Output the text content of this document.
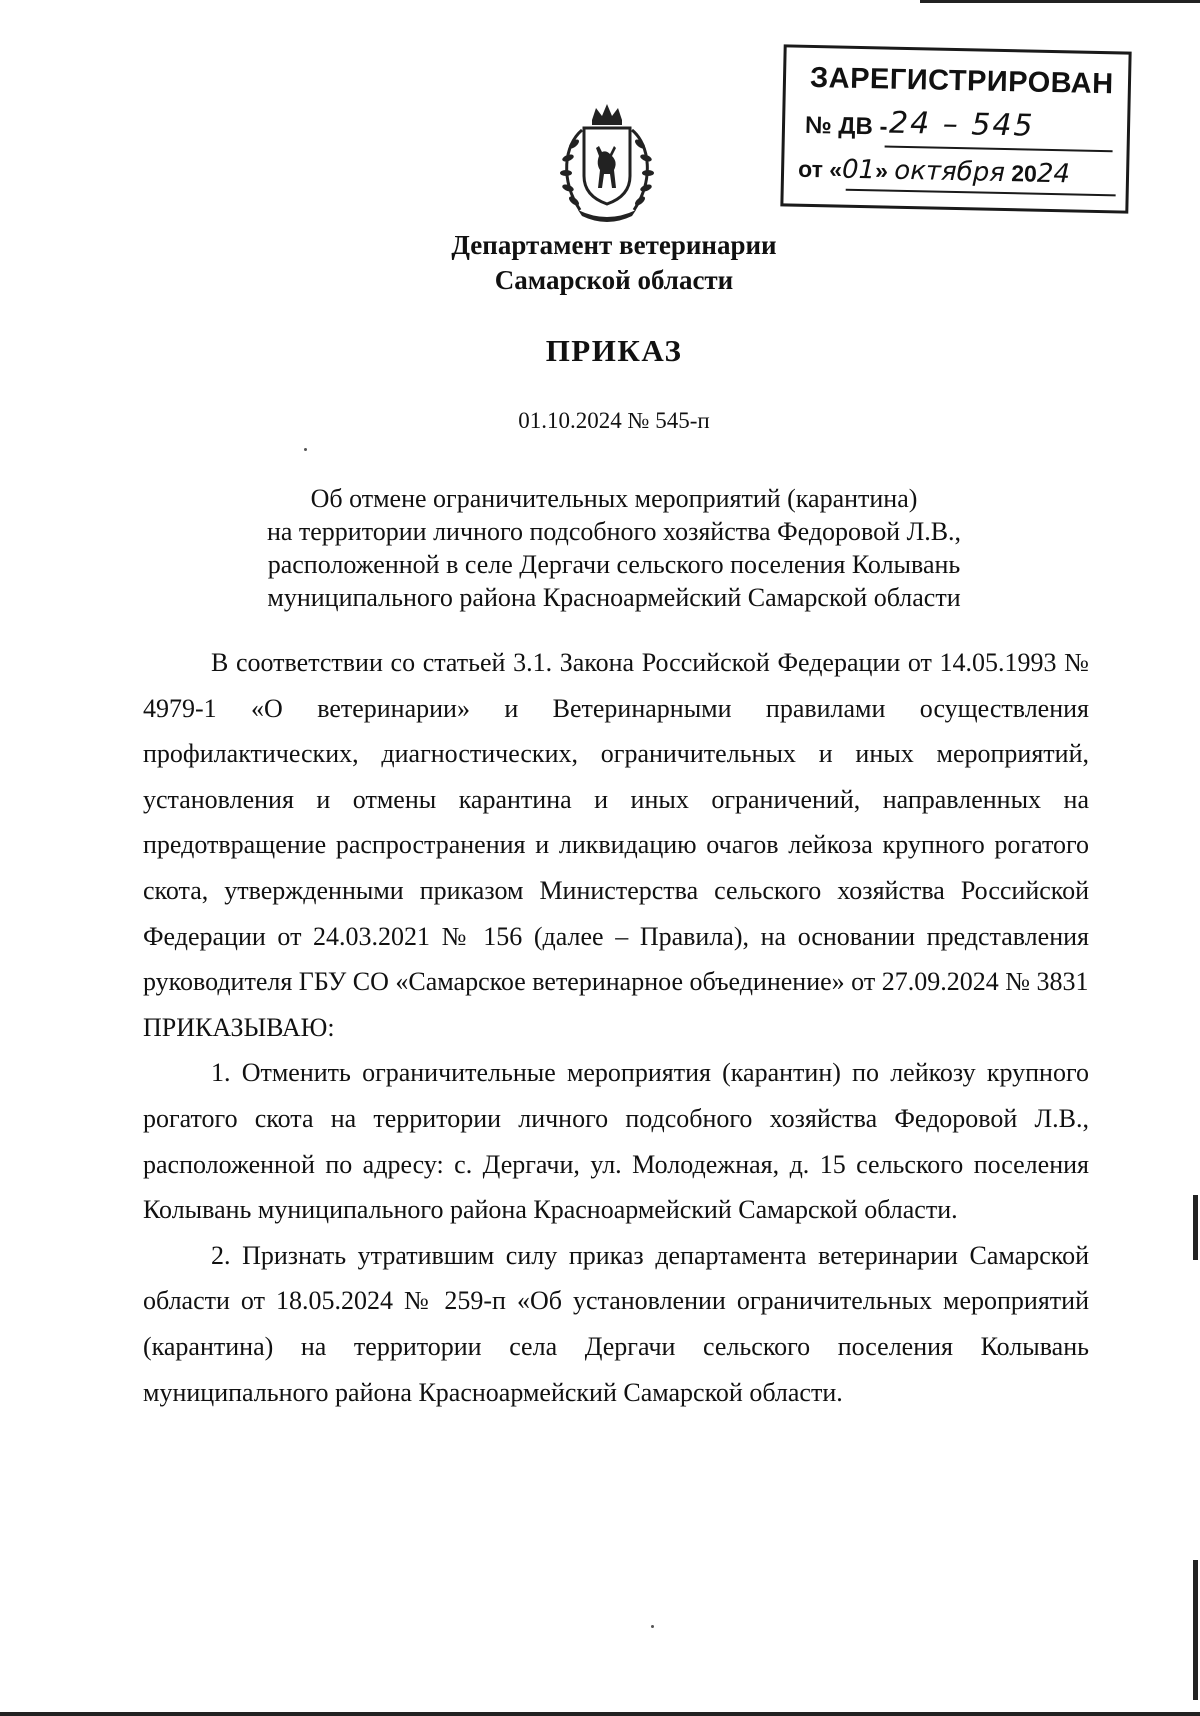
ЗАРЕГИСТРИРОВАН
№ ДВ - 24 – 545
от «01» октября 2024
Департамент ветеринарии
Самарской области
ПРИКАЗ
01.10.2024 № 545-п
Об отмене ограничительных мероприятий (карантина)
на территории личного подсобного хозяйства Федоровой Л.В.,
расположенной в селе Дергачи сельского поселения Колывань
муниципального района Красноармейский Самарской области

В соответствии со статьей 3.1. Закона Российской Федерации от 14.05.1993 № 4979-1 «О ветеринарии» и Ветеринарными правилами осуществления профилактических, диагностических, ограничительных и иных мероприятий, установления и отмены карантина и иных ограничений, направленных на предотвращение распространения и ликвидацию очагов лейкоза крупного рогатого скота, утвержденными приказом Министерства сельского хозяйства Российской Федерации от 24.03.2021 № 156 (далее – Правила), на основании представления руководителя ГБУ СО «Самарское ветеринарное объединение» от 27.09.2024 № 3831

ПРИКАЗЫВАЮ:

1. Отменить ограничительные мероприятия (карантин) по лейкозу крупного рогатого скота на территории личного подсобного хозяйства Федоровой Л.В., расположенной по адресу: с. Дергачи, ул. Молодежная, д. 15 сельского поселения Колывань муниципального района Красноармейский Самарской области.

2. Признать утратившим силу приказ департамента ветеринарии Самарской области от 18.05.2024 № 259-п «Об установлении ограничительных мероприятий (карантина) на территории села Дергачи сельского поселения Колывань муниципального района Красноармейский Самарской области.
